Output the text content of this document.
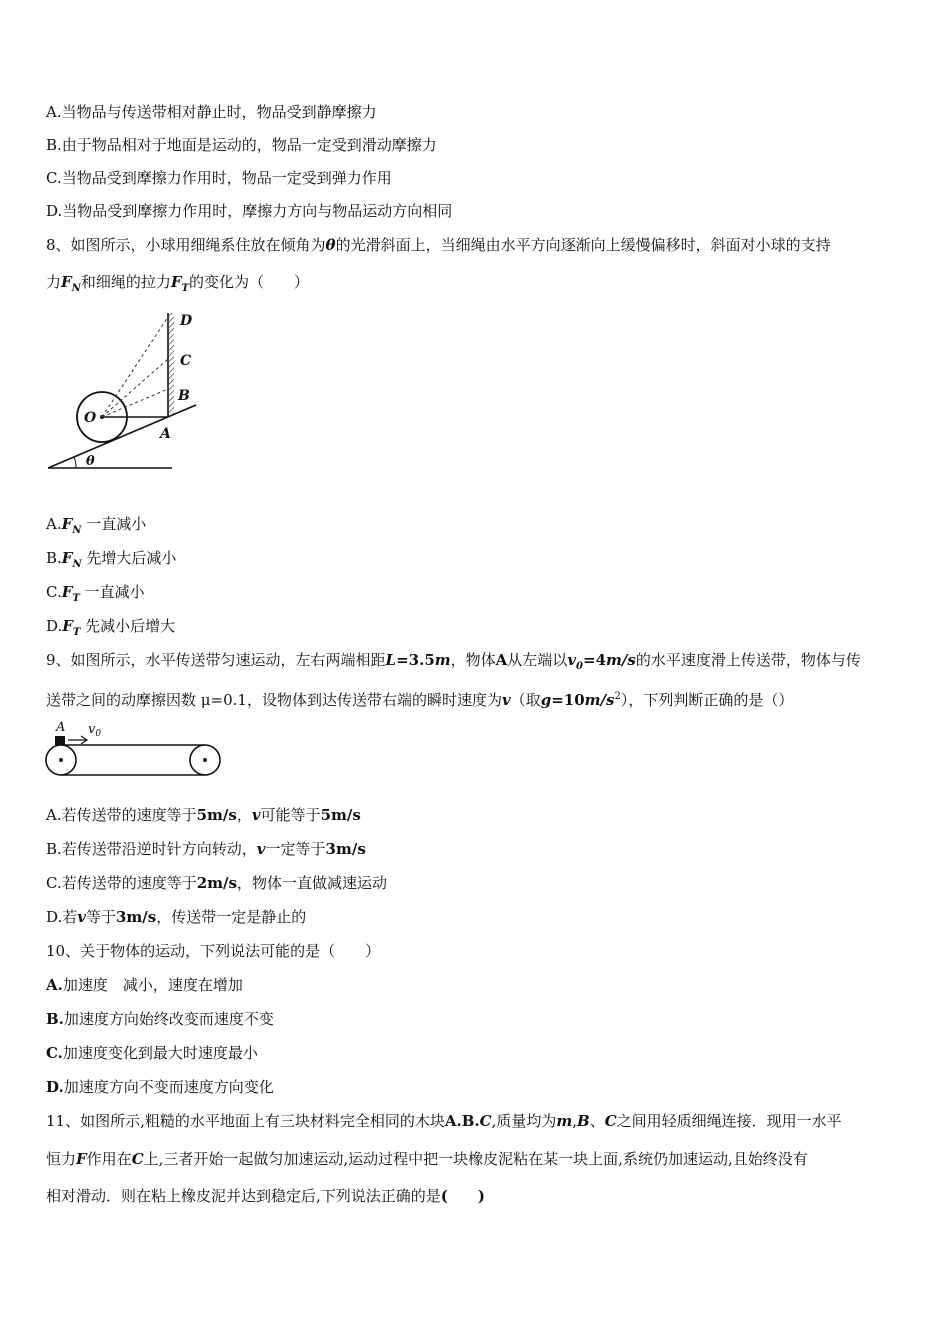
A.当物品与传送带相对静止时，物品受到静摩擦力
B.由于物品相对于地面是运动的，物品一定受到滑动摩擦力
C.当物品受到摩擦力作用时，物品一定受到弹力作用
D.当物品受到摩擦力作用时，摩擦力方向与物品运动方向相同
8、如图所示，小球用细绳系住放在倾角为θ的光滑斜面上，当细绳由水平方向逐渐向上缓慢偏移时，斜面对小球的支持
力$F_N$和细绳的拉力$F_T$的变化为（　　）
D
C
B
A
O
θ
$A.F_N$ 一直减小
$B.F_N$ 先增大后减小
$C.F_T$ 一直减小
$D.F_T$ 先减小后增大
9、如图所示，水平传送带匀速运动，左右两端相距L=3.5m，物体A从左端以$v_0=4m/s$的水平速度滑上传送带，物体与传
送带之间的动摩擦因数 μ=0.1，设物体到达传送带右端的瞬时速度为v（取$g=10m/s^2$），下列判断正确的是（）
A $v_0$
A.若传送带的速度等于5m/s，v可能等于5m/s
B.若传送带沿逆时针方向转动，v一定等于3m/s
C.若传送带的速度等于2m/s，物体一直做减速运动
D.若v等于3m/s，传送带一定是静止的
10、关于物体的运动，下列说法可能的是（　　）
A.加速度　减小，速度在增加
B.加速度方向始终改变而速度不变
C.加速度变化到最大时速度最小
D.加速度方向不变而速度方向变化
11、如图所示,粗糙的水平地面上有三块材料完全相同的木块A.B.C,质量均为m,B、C之间用轻质细绳连接．现用一水平
恒力F作用在C上,三者开始一起做匀加速运动,运动过程中把一块橡皮泥粘在某一块上面,系统仍加速运动,且始终没有
相对滑动．则在粘上橡皮泥并达到稳定后,下列说法正确的是(　　)
